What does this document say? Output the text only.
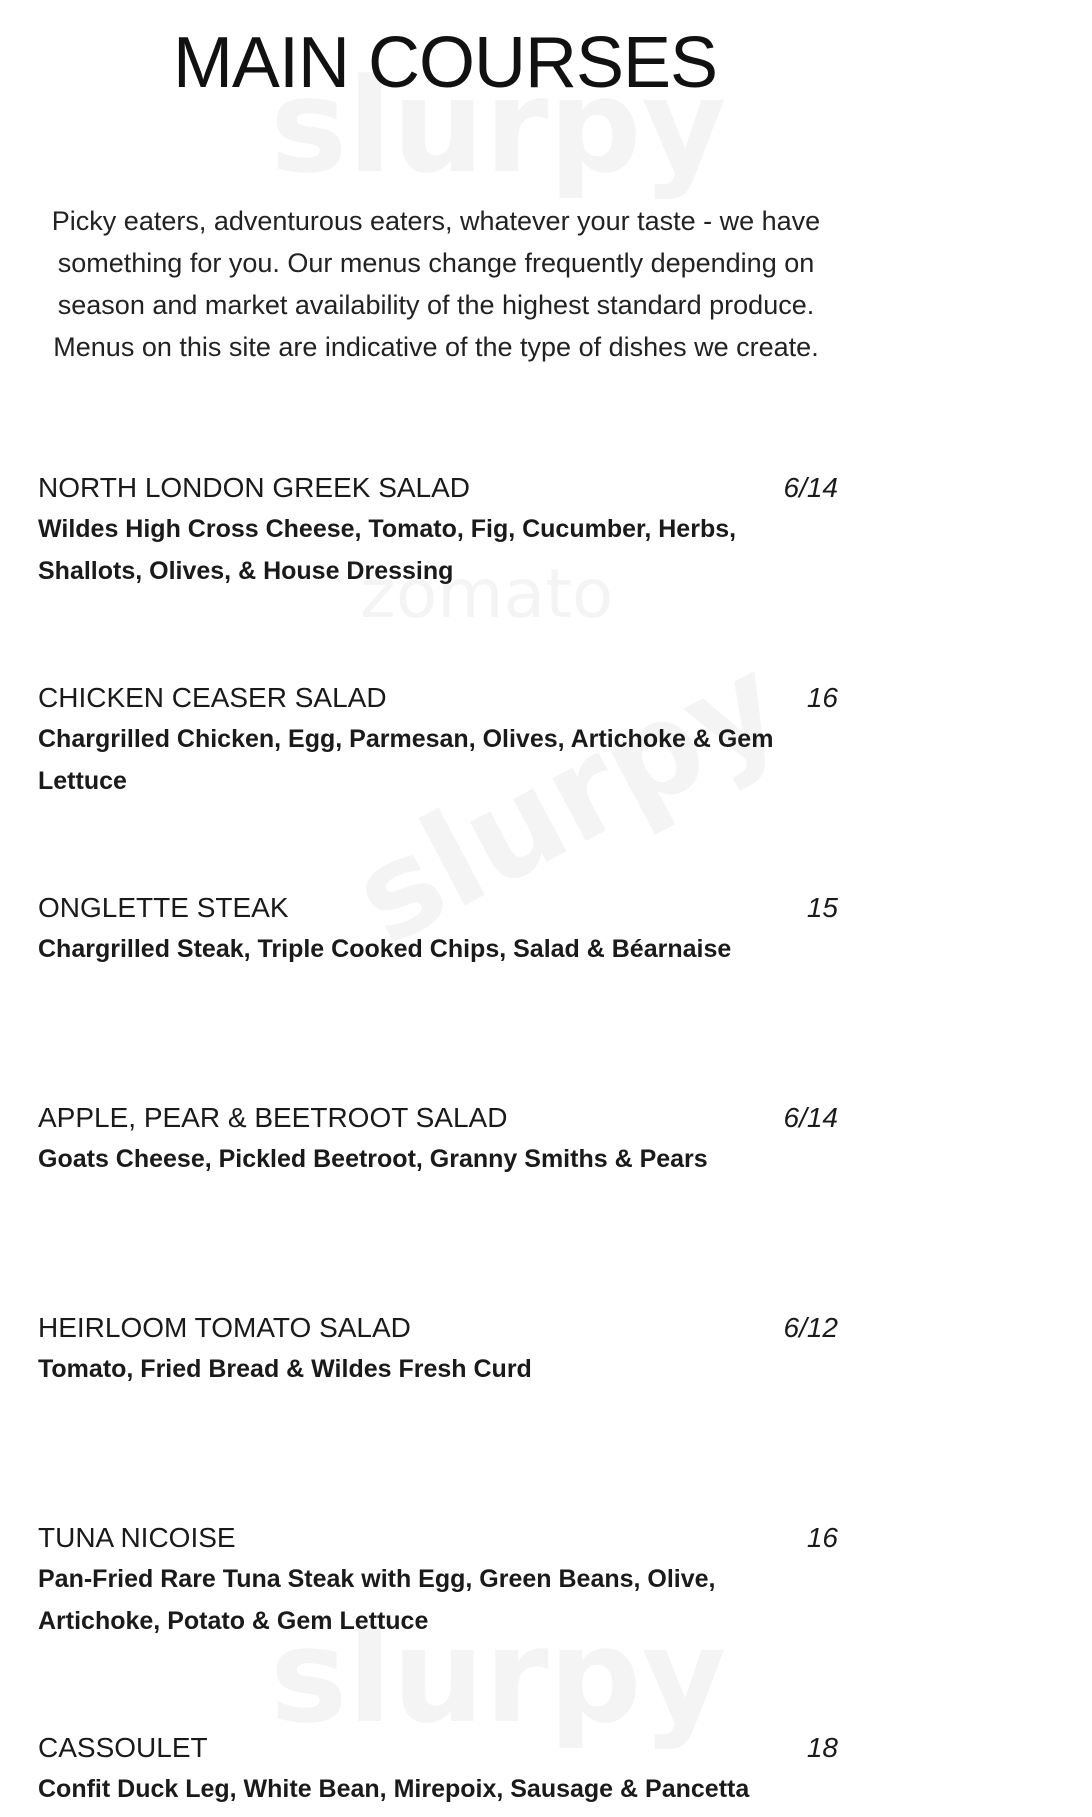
MAIN COURSES

Picky eaters, adventurous eaters, whatever your taste - we have
something for you. Our menus change frequently depending on
season and market availability of the highest standard produce.
Menus on this site are indicative of the type of dishes we create.

NORTH LONDON GREEK SALAD	6/14
Wildes High Cross Cheese, Tomato, Fig, Cucumber, Herbs, Shallots, Olives, & House Dressing
CHICKEN CEASER SALAD	16
Chargrilled Chicken, Egg, Parmesan, Olives, Artichoke & Gem Lettuce
ONGLETTE STEAK	15
Chargrilled Steak, Triple Cooked Chips, Salad & Béarnaise
APPLE, PEAR & BEETROOT SALAD	6/14
Goats Cheese, Pickled Beetroot, Granny Smiths & Pears
HEIRLOOM TOMATO SALAD	6/12
Tomato, Fried Bread & Wildes Fresh Curd
TUNA NICOISE	16
Pan-Fried Rare Tuna Steak with Egg, Green Beans, Olive, Artichoke, Potato & Gem Lettuce
CASSOULET	18
Confit Duck Leg, White Bean, Mirepoix, Sausage & Pancetta
